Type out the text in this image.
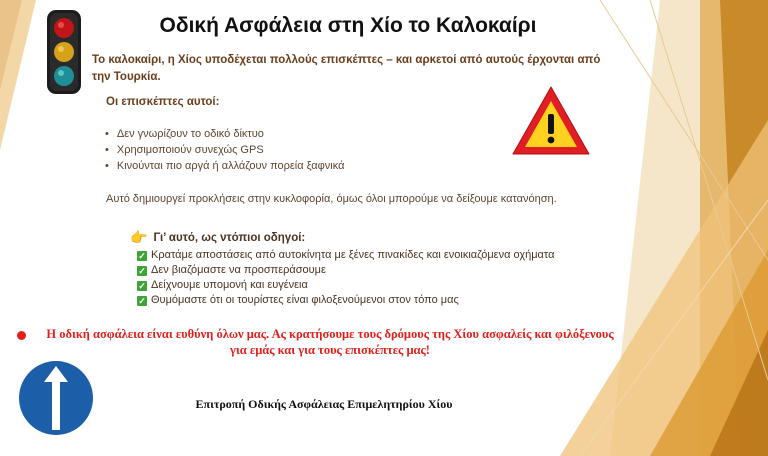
Οδική Ασφάλεια στη Χίο το Καλοκαίρι
Το καλοκαίρι, η Χίος υποδέχεται πολλούς επισκέπτες – και αρκετοί από αυτούς έρχονται από την Τουρκία.
Οι επισκέπτες αυτοί:
• Δεν γνωρίζουν το οδικό δίκτυο
• Χρησιμοποιούν συνεχώς GPS
• Κινούνται πιο αργά ή αλλάζουν πορεία ξαφνικά
Αυτό δημιουργεί προκλήσεις στην κυκλοφορία, όμως όλοι μπορούμε να δείξουμε κατανόηση.
👉 Γι’ αυτό, ως ντόπιοι οδηγοί:
✓ Κρατάμε αποστάσεις από αυτοκίνητα με ξένες πινακίδες και ενοικιαζόμενα οχήματα
✓ Δεν βιαζόμαστε να προσπεράσουμε
✓ Δείχνουμε υπομονή και ευγένεια
✓ Θυμόμαστε ότι οι τουρίστες είναι φιλοξενούμενοι στον τόπο μας
Η οδική ασφάλεια είναι ευθύνη όλων μας. Ας κρατήσουμε τους δρόμους της Χίου ασφαλείς και φιλόξενους
για εμάς και για τους επισκέπτες μας!
Επιτροπή Οδικής Ασφάλειας Επιμελητηρίου Χίου
